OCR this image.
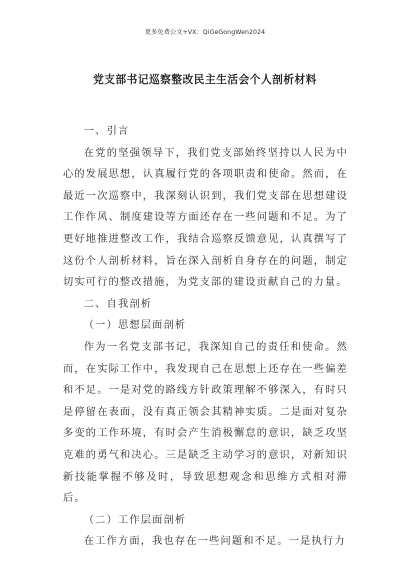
更多免费公文+VX：QiGeGongWen2024
党支部书记巡察整改民主生活会个人剖析材料

一、引言

在党的坚强领导下，我们党支部始终坚持以人民为中心的发展思想，认真履行党的各项职责和使命。然而，在最近一次巡察中，我深刻认识到，我们党支部在思想建设工作作风、制度建设等方面还存在一些问题和不足。为了更好地推进整改工作，我结合巡察反馈意见，认真撰写了这份个人剖析材料，旨在深入剖析自身存在的问题，制定切实可行的整改措施，为党支部的建设贡献自己的力量。

二、自我剖析

（一）思想层面剖析

作为一名党支部书记，我深知自己的责任和使命。然而，在实际工作中，我发现自己在思想上还存在一些偏差和不足。一是对党的路线方针政策理解不够深入，有时只是停留在表面，没有真正领会其精神实质。二是面对复杂多变的工作环境，有时会产生消极懈怠的意识，缺乏攻坚克难的勇气和决心。三是缺乏主动学习的意识，对新知识新技能掌握不够及时，导致思想观念和思维方式相对滞后。

（二）工作层面剖析

在工作方面，我也存在一些问题和不足。一是执行力
